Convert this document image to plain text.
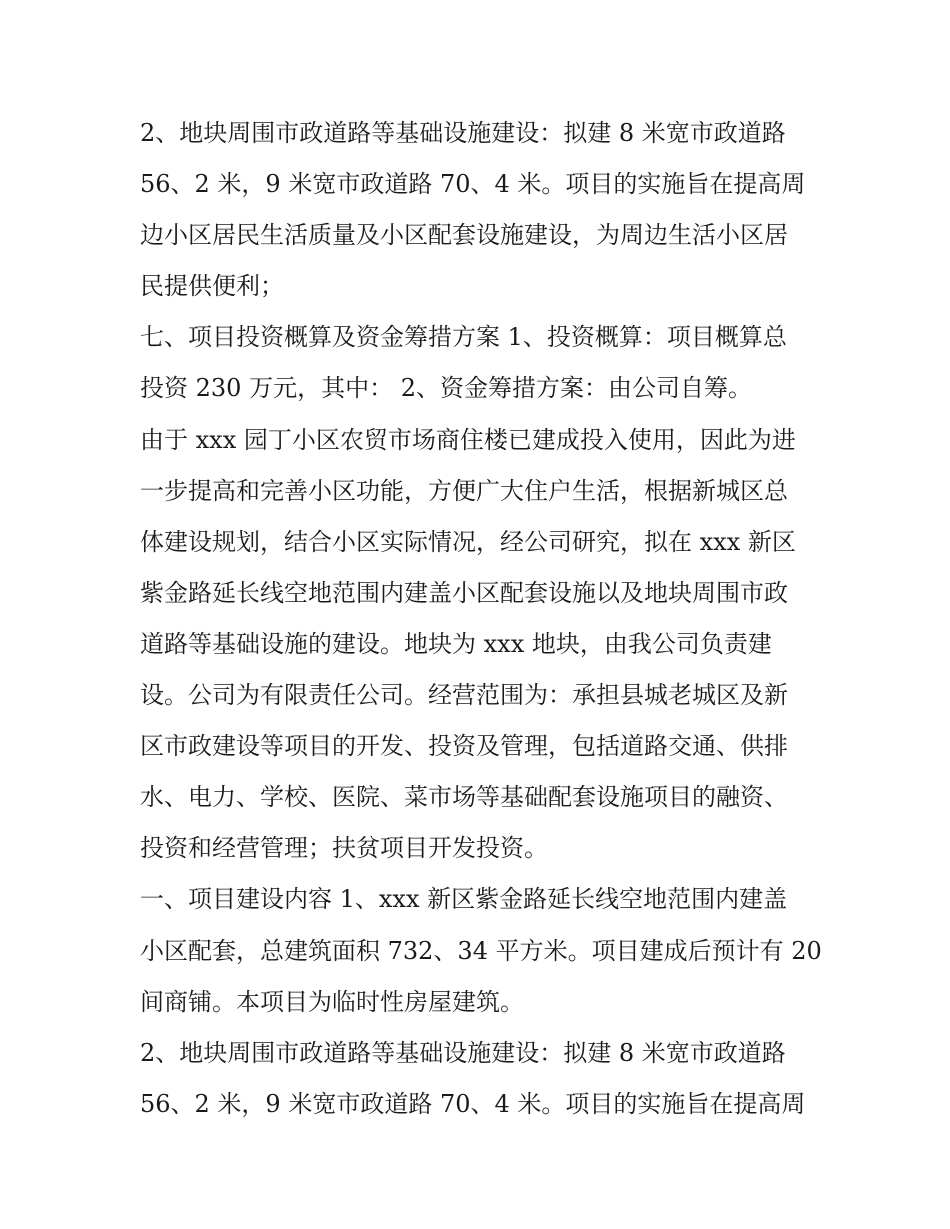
2、地块周围市政道路等基础设施建设：拟建 8 米宽市政道路

56、2 米，9 米宽市政道路 70、4 米。项目的实施旨在提高周

边小区居民生活质量及小区配套设施建设，为周边生活小区居

民提供便利；

七、项目投资概算及资金筹措方案 1、投资概算：项目概算总

投资 230 万元，其中： 2、资金筹措方案：由公司自筹。

由于 xxx 园丁小区农贸市场商住楼已建成投入使用，因此为进

一步提高和完善小区功能，方便广大住户生活，根据新城区总

体建设规划，结合小区实际情况，经公司研究，拟在 xxx 新区

紫金路延长线空地范围内建盖小区配套设施以及地块周围市政

道路等基础设施的建设。地块为 xxx 地块，由我公司负责建

设。公司为有限责任公司。经营范围为：承担县城老城区及新

区市政建设等项目的开发、投资及管理，包括道路交通、供排

水、电力、学校、医院、菜市场等基础配套设施项目的融资、

投资和经营管理；扶贫项目开发投资。

一、项目建设内容 1、xxx 新区紫金路延长线空地范围内建盖

小区配套，总建筑面积 732、34 平方米。项目建成后预计有 20

间商铺。本项目为临时性房屋建筑。

2、地块周围市政道路等基础设施建设：拟建 8 米宽市政道路

56、2 米，9 米宽市政道路 70、4 米。项目的实施旨在提高周
